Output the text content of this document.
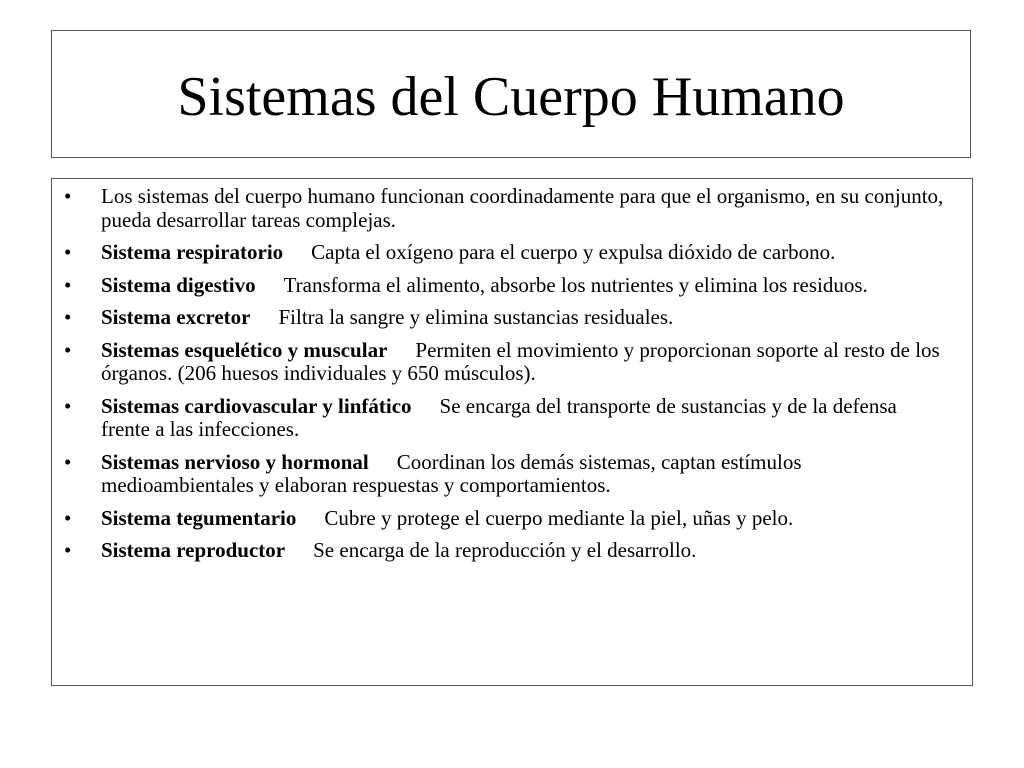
Sistemas del Cuerpo Humano
• Los sistemas del cuerpo humano funcionan coordinadamente para que el organismo, en su conjunto, pueda desarrollar tareas complejas.
• Sistema respiratorio Capta el oxígeno para el cuerpo y expulsa dióxido de carbono.
• Sistema digestivo Transforma el alimento, absorbe los nutrientes y elimina los residuos.
• Sistema excretor Filtra la sangre y elimina sustancias residuales.
• Sistemas esquelético y muscular Permiten el movimiento y proporcionan soporte al resto de los órganos. (206 huesos individuales y 650 músculos).
• Sistemas cardiovascular y linfático Se encarga del transporte de sustancias y de la defensa frente a las infecciones.
• Sistemas nervioso y hormonal Coordinan los demás sistemas, captan estímulos medioambientales y elaboran respuestas y comportamientos.
• Sistema tegumentario Cubre y protege el cuerpo mediante la piel, uñas y pelo.
• Sistema reproductor Se encarga de la reproducción y el desarrollo.
